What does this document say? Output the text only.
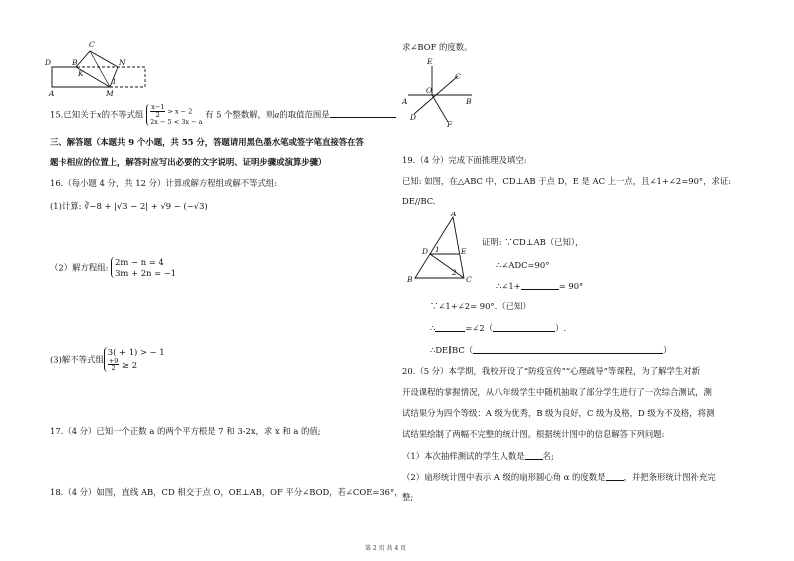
C
D	B	N
K
1
A	M
15.已知关于x的不等式组 $\frac{x-1}{2} > x - 2$
2x − 5 < 3x − a
有 5 个整数解，则a的取值范围是
三、解答题（本题共 9 个小题，共 55 分，答题请用黑色墨水笔或签字笔直接答在答
题卡相应的位置上，解答时应写出必要的文字说明、证明步骤或演算步骤）
16.（每小题 4 分，共 12 分）计算或解方程组或解不等式组:
(1)计算: ∛−8 + |√3 − 2| + √9 − (−√3)
（2）解方程组:
2m − n = 4
3m + 2n = −1
(3)解不等式组
3( + 1) > − 1
$\frac{+9}{2} \ge 2$
17.（4 分）已知一个正数 a 的两个平方根是 7 和 3-2x，求 x 和 a 的值;
18.（4 分）如图，直线 AB，CD 相交于点 O，OE⊥AB，OF 平分∠BOD，若∠COE=36°，
第 2 页 共 4 页
求∠BOF 的度数。
E
C
A
O
B
D
F
19.（4 分）完成下面推理及填空:
已知: 如图，在△ABC 中，CD⊥AB 于点 D，E 是 AC 上一点，且∠1+∠2=90°，求证:
DE//BC.
A
D	E
1
2
B	C
证明: ∵CD⊥AB（已知），
∴∠ADC=90°
∴∠1+	= 90°
∵∠1+∠2= 90°.（已知）
∴	=∠2（	）.
∴DE∥BC（	）
20.（5 分）本学期，我校开设了“防疫宣传”“心理疏导”等课程，为了解学生对新
开设课程的掌握情况，从八年级学生中随机抽取了部分学生进行了一次综合测试，测
试结果分为四个等级：A 级为优秀，B 级为良好，C 级为及格，D 级为不及格，将测
试结果绘制了两幅不完整的统计图。根据统计图中的信息解答下列问题:
（1）本次抽样测试的学生人数是 名;
（2）扇形统计图中表示 A 级的扇形圆心角 α 的度数是 ，并把条形统计图补充完
整;
